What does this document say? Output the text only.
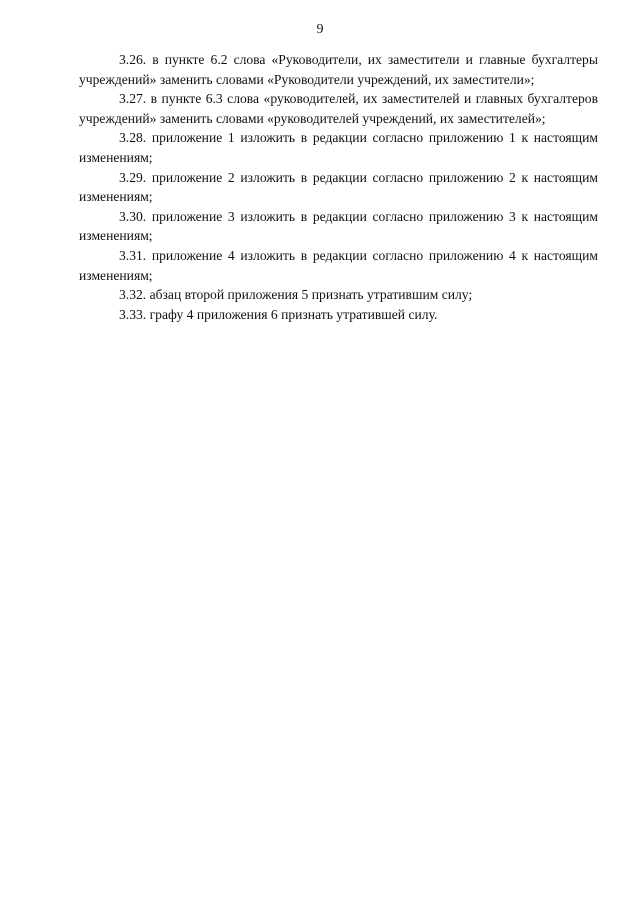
9

3.26. в пункте 6.2 слова «Руководители, их заместители и главные бухгалтеры учреждений» заменить словами «Руководители учреждений, их заместители»;

3.27. в пункте 6.3 слова «руководителей, их заместителей и главных бухгалтеров учреждений» заменить словами «руководителей учреждений, их заместителей»;

3.28. приложение 1 изложить в редакции согласно приложению 1 к настоящим изменениям;

3.29. приложение 2 изложить в редакции согласно приложению 2 к настоящим изменениям;

3.30. приложение 3 изложить в редакции согласно приложению 3 к настоящим изменениям;

3.31. приложение 4 изложить в редакции согласно приложению 4 к настоящим изменениям;

3.32. абзац второй приложения 5 признать утратившим силу;

3.33. графу 4 приложения 6 признать утратившей силу.
